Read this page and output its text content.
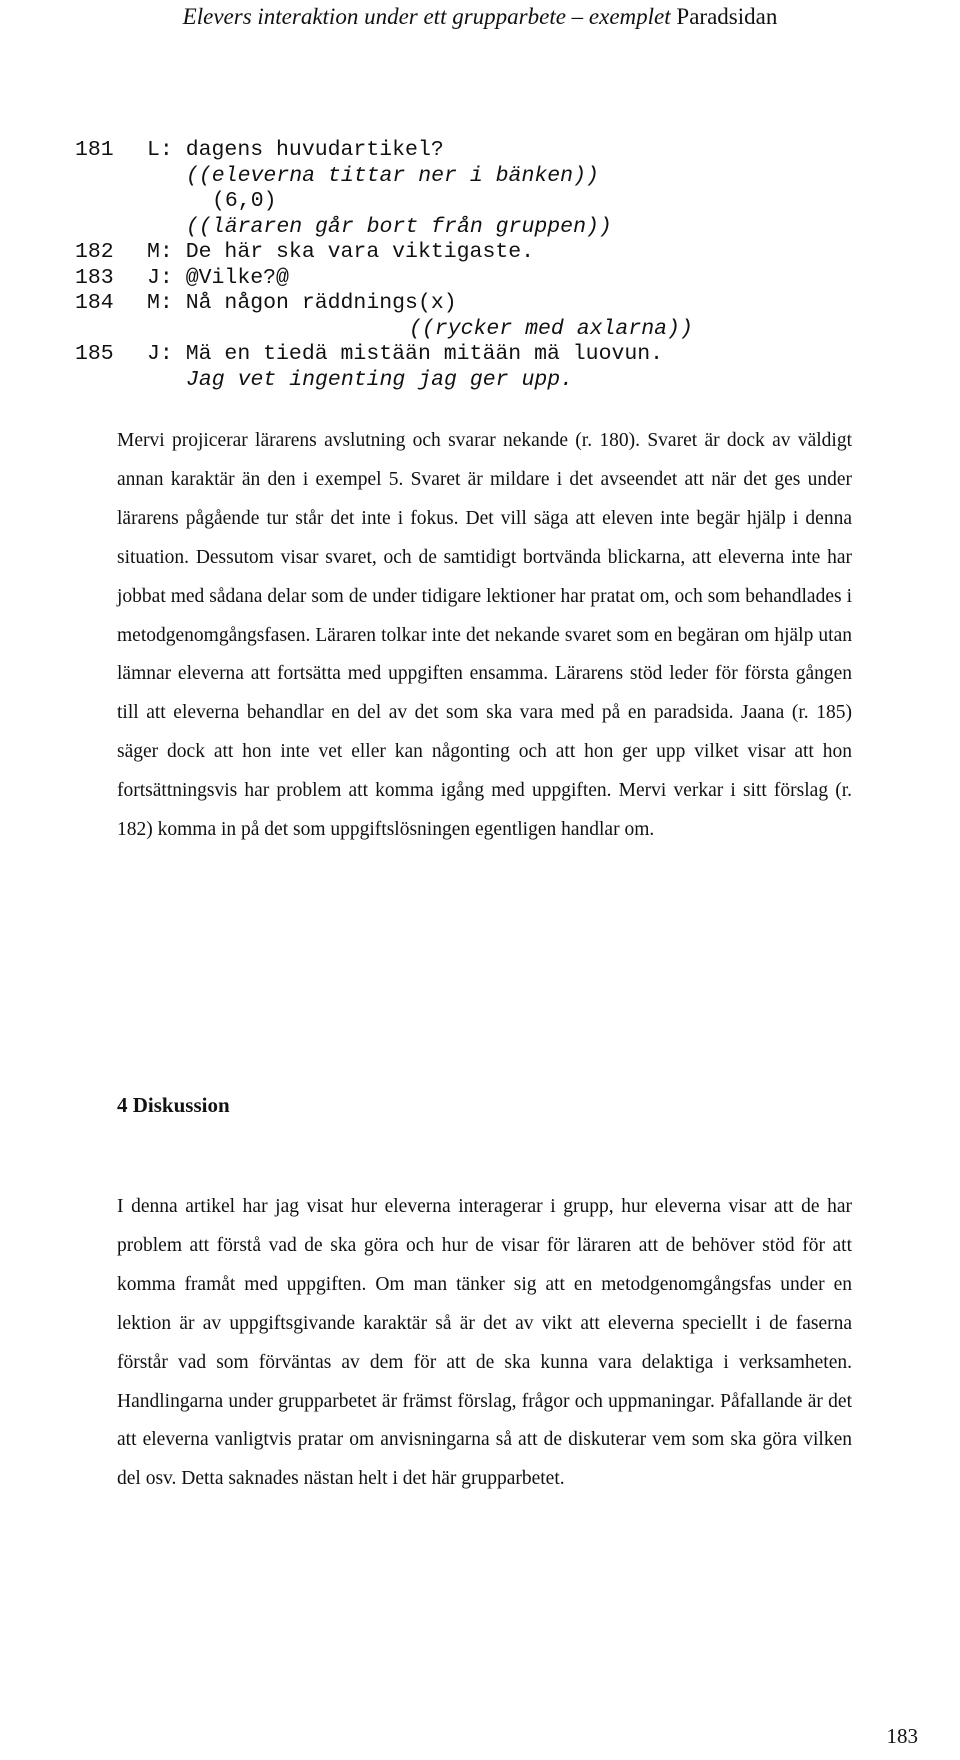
Elevers interaktion under ett grupparbete – exemplet Paradsidan

181

L: dagens huvudartikel?

((eleverna tittar ner i bänken))

(6,0)

((läraren går bort från gruppen))

182

M: De här ska vara viktigaste.

183

J: @Vilke?@

184

M: Nå någon räddnings(x)

((rycker med axlarna))

185

J: Mä en tiedä mistään mitään mä luovun.

Jag vet ingenting jag ger upp.

Mervi projicerar lärarens avslutning och svarar nekande (r. 180). Svaret är dock av väldigt annan karaktär än den i exempel 5. Svaret är mildare i det avseendet att när det ges under lärarens pågående tur står det inte i fokus. Det vill säga att eleven inte begär hjälp i denna situation. Dessutom visar svaret, och de samtidigt bortvända blickarna, att eleverna inte har jobbat med sådana delar som de under tidigare lektioner har pratat om, och som behandlades i metodgenomgångsfasen. Läraren tolkar inte det nekande svaret som en begäran om hjälp utan lämnar eleverna att fortsätta med uppgiften ensamma. Lärarens stöd leder för första gången till att eleverna behandlar en del av det som ska vara med på en paradsida. Jaana (r. 185) säger dock att hon inte vet eller kan någonting och att hon ger upp vilket visar att hon fortsättningsvis har problem att komma igång med uppgiften. Mervi verkar i sitt förslag (r. 182) komma in på det som uppgiftslösningen egentligen handlar om.

4 Diskussion

I denna artikel har jag visat hur eleverna interagerar i grupp, hur eleverna visar att de har problem att förstå vad de ska göra och hur de visar för läraren att de behöver stöd för att komma framåt med uppgiften. Om man tänker sig att en metodgenomgångsfas under en lektion är av uppgiftsgivande karaktär så är det av vikt att eleverna speciellt i de faserna förstår vad som förväntas av dem för att de ska kunna vara delaktiga i verksamheten. Handlingarna under grupparbetet är främst förslag, frågor och uppmaningar. Påfallande är det att eleverna vanligtvis pratar om anvisningarna så att de diskuterar vem som ska göra vilken del osv. Detta saknades nästan helt i det här grupparbetet.

183
